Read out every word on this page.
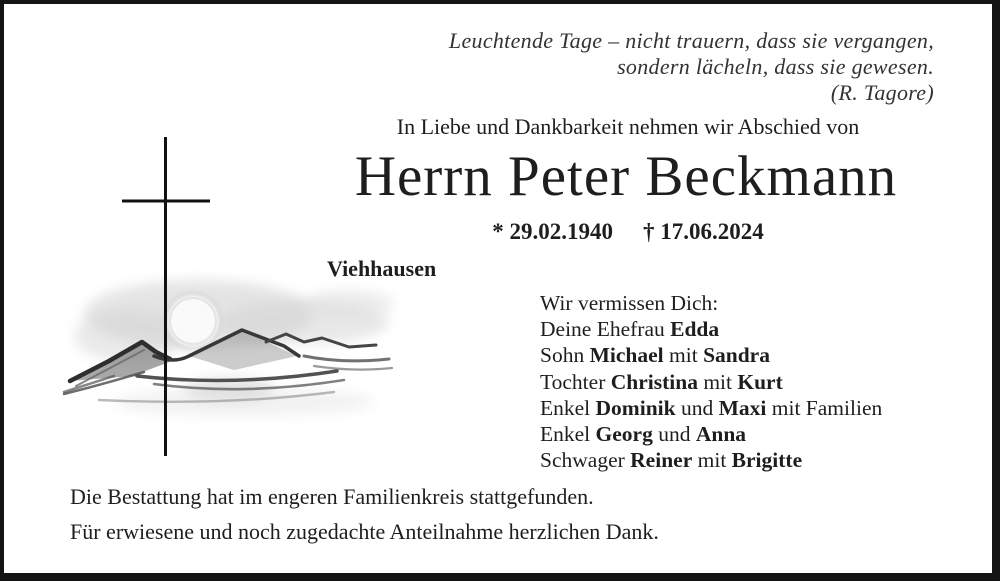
Leuchtende Tage – nicht trauern, dass sie vergangen,
sondern lächeln, dass sie gewesen.
(R. Tagore)
In Liebe und Dankbarkeit nehmen wir Abschied von
Herrn Peter Beckmann
* 29.02.1940 † 17.06.2024
Viehhausen
Wir vermissen Dich:
Deine Ehefrau Edda
Sohn Michael mit Sandra
Tochter Christina mit Kurt
Enkel Dominik und Maxi mit Familien
Enkel Georg und Anna
Schwager Reiner mit Brigitte
Die Bestattung hat im engeren Familienkreis stattgefunden.
Für erwiesene und noch zugedachte Anteilnahme herzlichen Dank.
